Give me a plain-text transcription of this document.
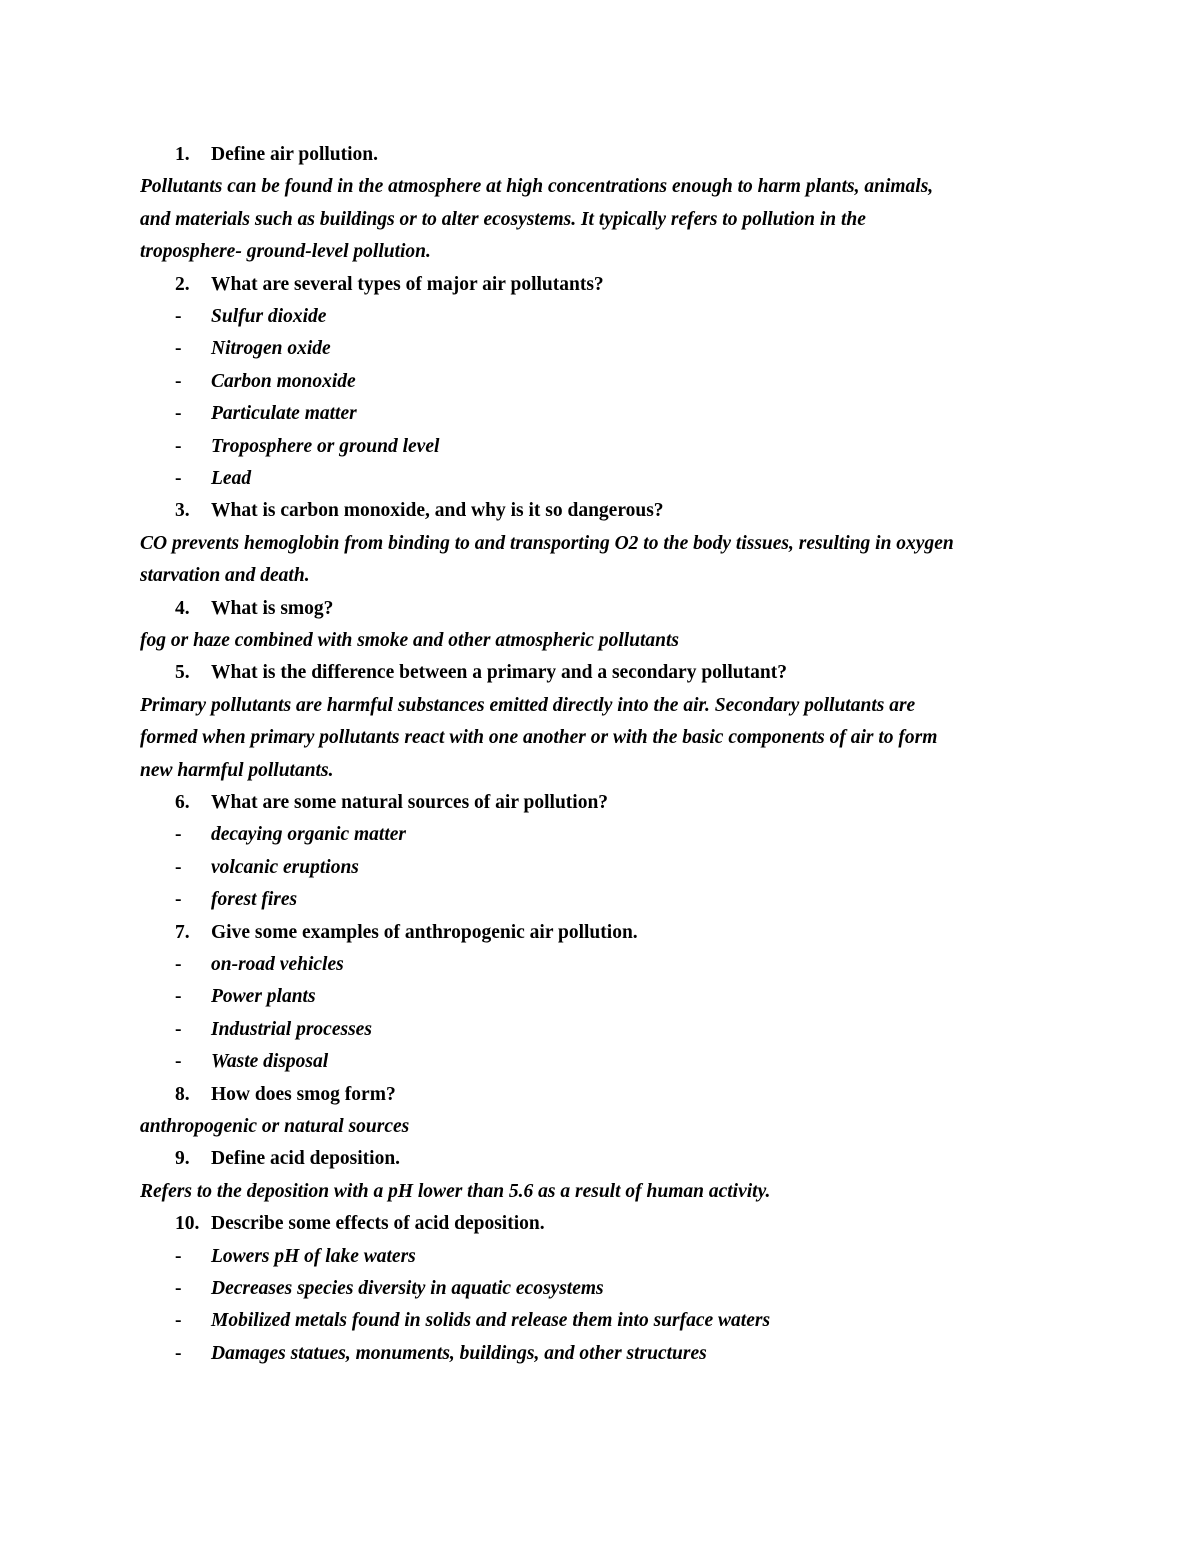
1. Define air pollution.
Pollutants can be found in the atmosphere at high concentrations enough to harm plants, animals,
and materials such as buildings or to alter ecosystems. It typically refers to pollution in the
troposphere- ground-level pollution.
2. What are several types of major air pollutants?
- Sulfur dioxide
- Nitrogen oxide
- Carbon monoxide
- Particulate matter
- Troposphere or ground level
- Lead
3. What is carbon monoxide, and why is it so dangerous?
CO prevents hemoglobin from binding to and transporting O2 to the body tissues, resulting in oxygen
starvation and death.
4. What is smog?
fog or haze combined with smoke and other atmospheric pollutants
5. What is the difference between a primary and a secondary pollutant?
Primary pollutants are harmful substances emitted directly into the air. Secondary pollutants are
formed when primary pollutants react with one another or with the basic components of air to form
new harmful pollutants.
6. What are some natural sources of air pollution?
- decaying organic matter
- volcanic eruptions
- forest fires
7. Give some examples of anthropogenic air pollution.
- on-road vehicles
- Power plants
- Industrial processes
- Waste disposal
8. How does smog form?
anthropogenic or natural sources
9. Define acid deposition.
Refers to the deposition with a pH lower than 5.6 as a result of human activity.
10. Describe some effects of acid deposition.
- Lowers pH of lake waters
- Decreases species diversity in aquatic ecosystems
- Mobilized metals found in solids and release them into surface waters
- Damages statues, monuments, buildings, and other structures
